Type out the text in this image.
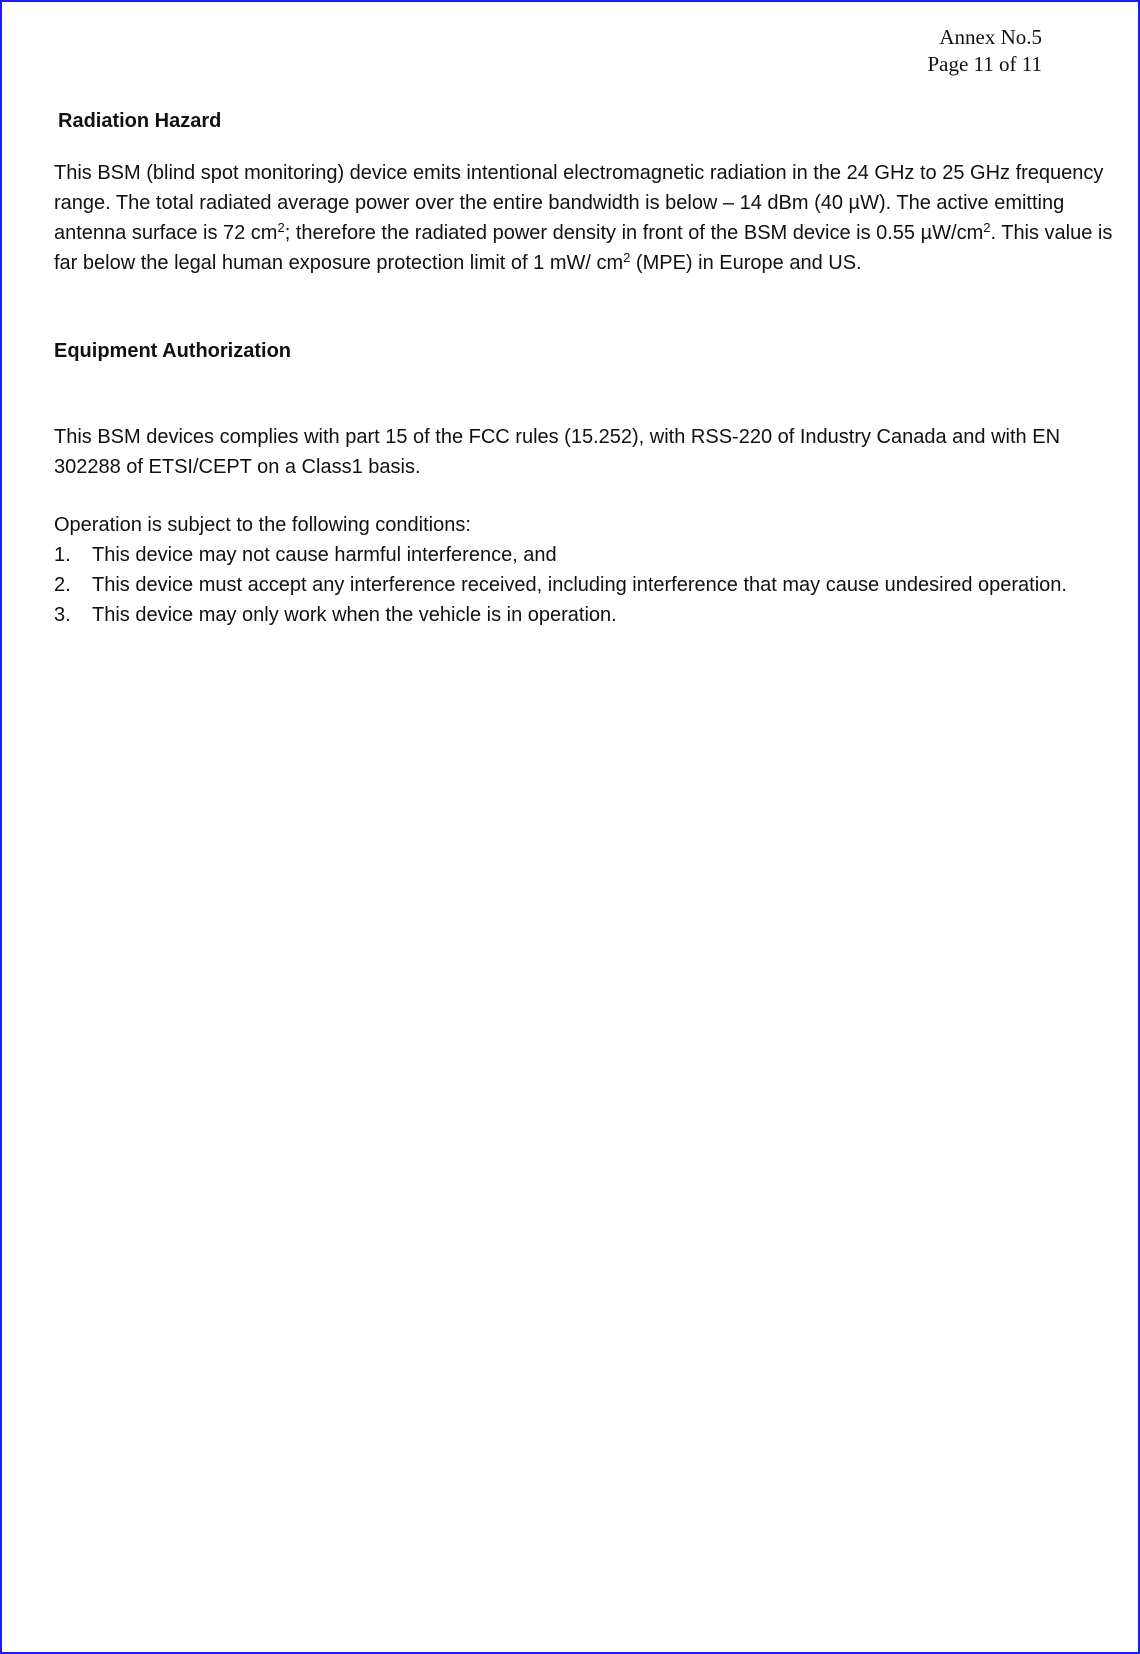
Annex No.5
Page 11 of 11
Radiation Hazard

This BSM (blind spot monitoring) device emits intentional electromagnetic radiation in the 24 GHz to 25 GHz frequency range. The total radiated average power over the entire bandwidth is below – 14 dBm (40 µW). The active emitting antenna surface is 72 $cm^2$; therefore the radiated power density in front of the BSM device is 0.55 $\mu W/cm^2$. This value is far below the legal human exposure protection limit of 1 mW/ $cm^2$ (MPE) in Europe and US.

Equipment Authorization

This BSM devices complies with part 15 of the FCC rules (15.252), with RSS-220 of Industry Canada and with EN 302288 of ETSI/CEPT on a Class1 basis.

Operation is subject to the following conditions:

1. This device may not cause harmful interference, and
2. This device must accept any interference received, including interference that may cause undesired operation.
3. This device may only work when the vehicle is in operation.
